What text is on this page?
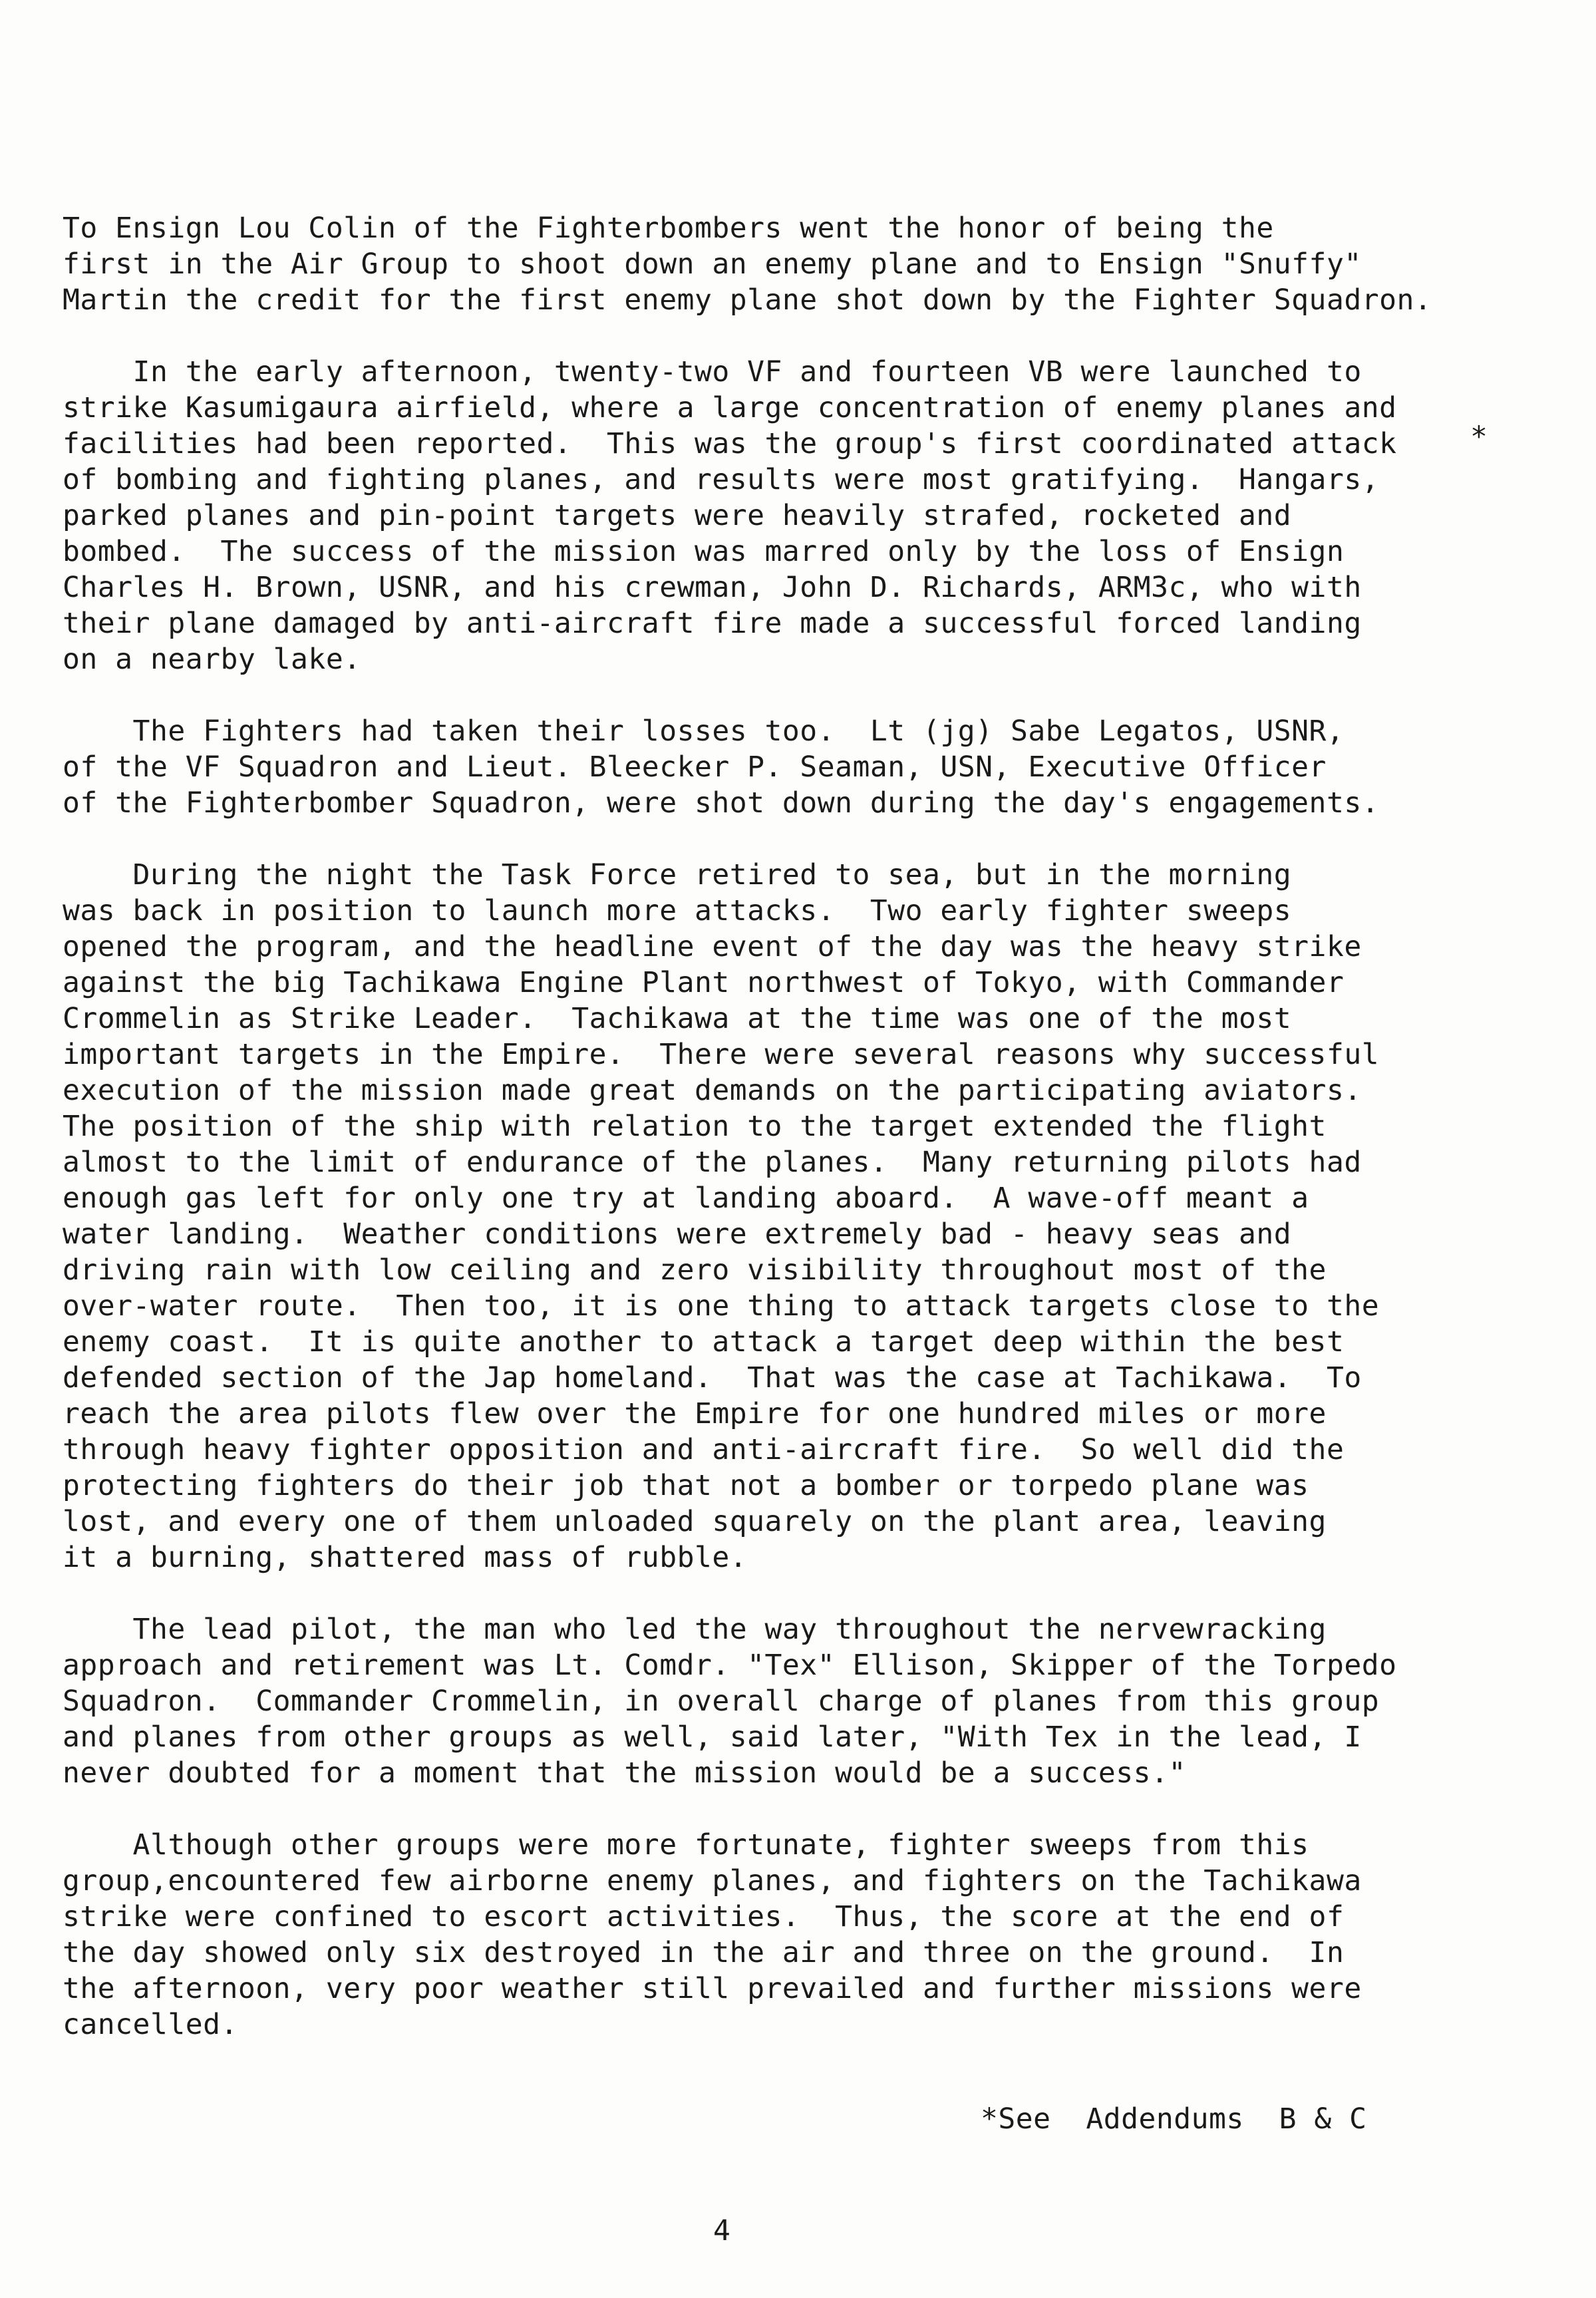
To Ensign Lou Colin of the Fighterbombers went the honor of being the
first in the Air Group to shoot down an enemy plane and to Ensign "Snuffy"
Martin the credit for the first enemy plane shot down by the Fighter Squadron.
In the early afternoon, twenty-two VF and fourteen VB were launched to
strike Kasumigaura airfield, where a large concentration of enemy planes and
facilities had been reported.  This was the group's first coordinated attack
of bombing and fighting planes, and results were most gratifying.  Hangars,
parked planes and pin-point targets were heavily strafed, rocketed and
bombed.  The success of the mission was marred only by the loss of Ensign
Charles H. Brown, USNR, and his crewman, John D. Richards, ARM3c, who with
their plane damaged by anti-aircraft fire made a successful forced landing
on a nearby lake.
The Fighters had taken their losses too.  Lt (jg) Sabe Legatos, USNR,
of the VF Squadron and Lieut. Bleecker P. Seaman, USN, Executive Officer
of the Fighterbomber Squadron, were shot down during the day's engagements.
During the night the Task Force retired to sea, but in the morning
was back in position to launch more attacks.  Two early fighter sweeps
opened the program, and the headline event of the day was the heavy strike
against the big Tachikawa Engine Plant northwest of Tokyo, with Commander
Crommelin as Strike Leader.  Tachikawa at the time was one of the most
important targets in the Empire.  There were several reasons why successful
execution of the mission made great demands on the participating aviators.
The position of the ship with relation to the target extended the flight
almost to the limit of endurance of the planes.  Many returning pilots had
enough gas left for only one try at landing aboard.  A wave-off meant a
water landing.  Weather conditions were extremely bad - heavy seas and
driving rain with low ceiling and zero visibility throughout most of the
over-water route.  Then too, it is one thing to attack targets close to the
enemy coast.  It is quite another to attack a target deep within the best
defended section of the Jap homeland.  That was the case at Tachikawa.  To
reach the area pilots flew over the Empire for one hundred miles or more
through heavy fighter opposition and anti-aircraft fire.  So well did the
protecting fighters do their job that not a bomber or torpedo plane was
lost, and every one of them unloaded squarely on the plant area, leaving
it a burning, shattered mass of rubble.
The lead pilot, the man who led the way throughout the nervewracking
approach and retirement was Lt. Comdr. "Tex" Ellison, Skipper of the Torpedo
Squadron.  Commander Crommelin, in overall charge of planes from this group
and planes from other groups as well, said later, "With Tex in the lead, I
never doubted for a moment that the mission would be a success."
Although other groups were more fortunate, fighter sweeps from this
group,encountered few airborne enemy planes, and fighters on the Tachikawa
strike were confined to escort activities.  Thus, the score at the end of
the day showed only six destroyed in the air and three on the ground.  In
the afternoon, very poor weather still prevailed and further missions were
cancelled.
*
*See  Addendums  B & C
4
